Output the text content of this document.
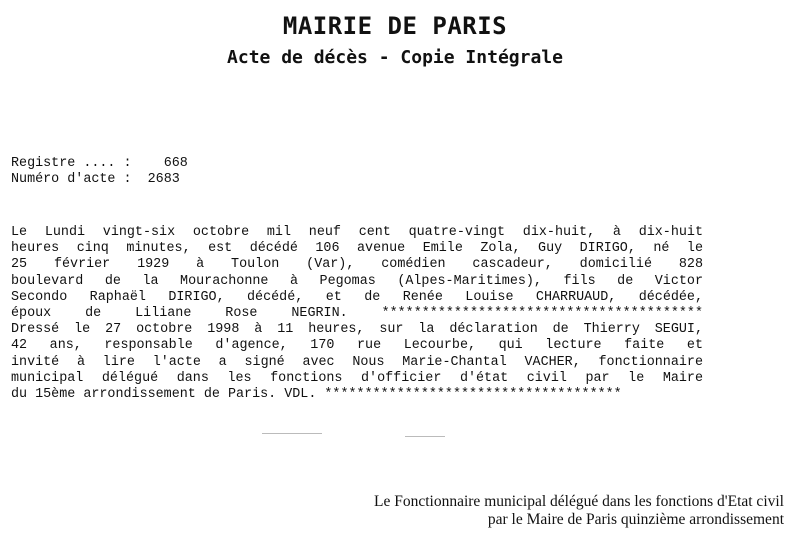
MAIRIE DE PARIS
Acte de décès - Copie Intégrale
Registre .... : 668
Numéro d'acte : 2683
Le Lundi vingt-six octobre mil neuf cent quatre-vingt dix-huit, à dix-huit
heures cinq minutes, est décédé 106 avenue Emile Zola, Guy DIRIGO, né le
25 février 1929 à Toulon (Var), comédien cascadeur, domicilié 828
boulevard de la Mourachonne à Pegomas (Alpes-Maritimes), fils de Victor
Secondo Raphaël DIRIGO, décédé, et de Renée Louise CHARRUAUD, décédée,
époux de Liliane Rose NEGRIN. ****************************************
Dressé le 27 octobre 1998 à 11 heures, sur la déclaration de Thierry SEGUI,
42 ans, responsable d'agence, 170 rue Lecourbe, qui lecture faite et
invité à lire l'acte a signé avec Nous Marie-Chantal VACHER, fonctionnaire
municipal délégué dans les fonctions d'officier d'état civil par le Maire
du 15ème arrondissement de Paris. VDL. *************************************
Le Fonctionnaire municipal délégué dans les fonctions d'Etat civil
par le Maire de Paris quinzième arrondissement
